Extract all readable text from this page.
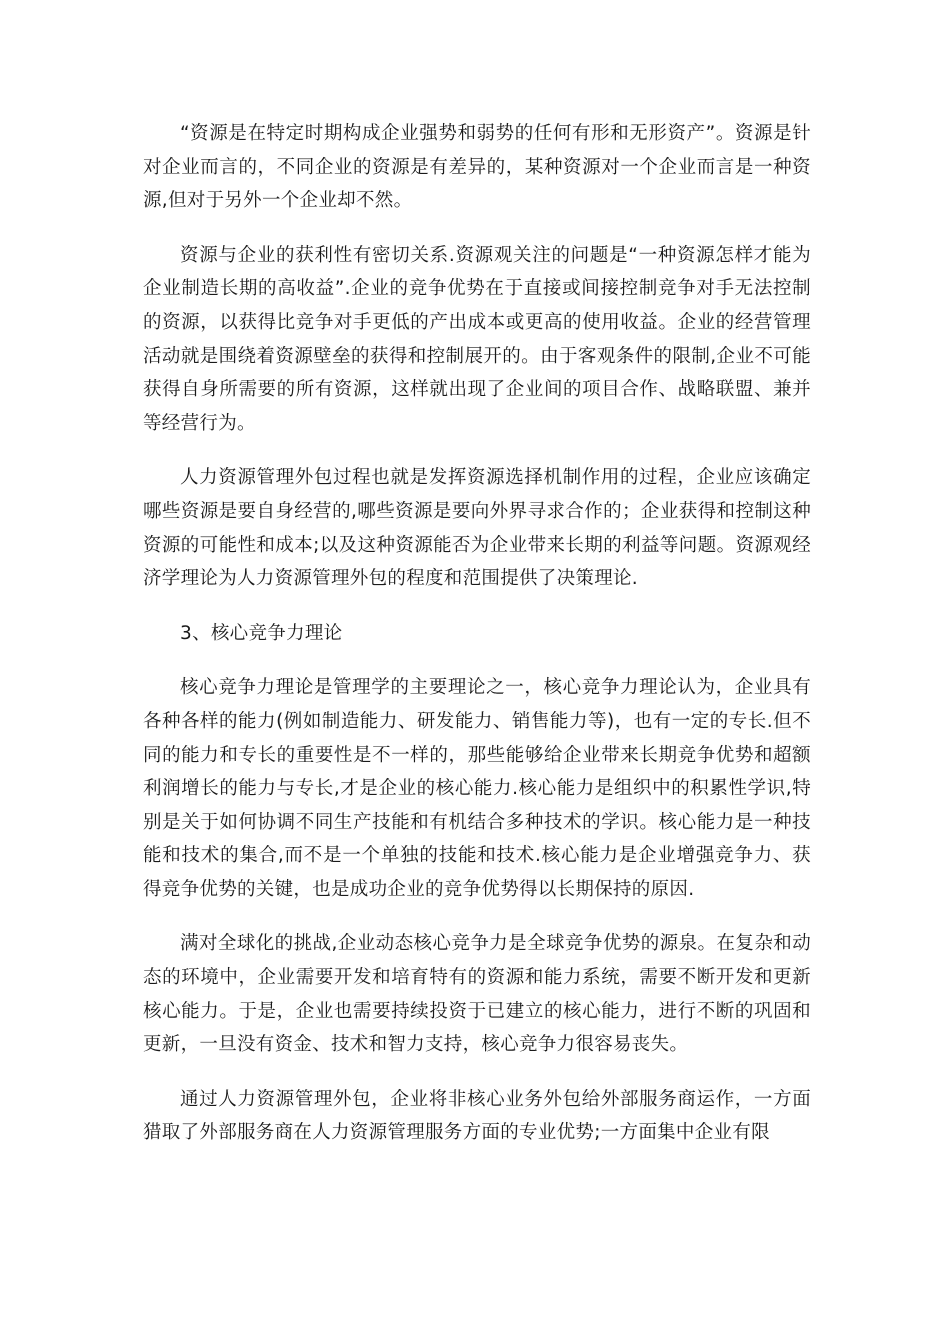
“资源是在特定时期构成企业强势和弱势的任何有形和无形资产”。资源是针对企业而言的，不同企业的资源是有差异的，某种资源对一个企业而言是一种资源,但对于另外一个企业却不然。

资源与企业的获利性有密切关系.资源观关注的问题是“一种资源怎样才能为企业制造长期的高收益”.企业的竞争优势在于直接或间接控制竞争对手无法控制的资源，以获得比竞争对手更低的产出成本或更高的使用收益。企业的经营管理活动就是围绕着资源壁垒的获得和控制展开的。由于客观条件的限制,企业不可能获得自身所需要的所有资源，这样就出现了企业间的项目合作、战略联盟、兼并等经营行为。

人力资源管理外包过程也就是发挥资源选择机制作用的过程，企业应该确定哪些资源是要自身经营的,哪些资源是要向外界寻求合作的；企业获得和控制这种资源的可能性和成本;以及这种资源能否为企业带来长期的利益等问题。资源观经济学理论为人力资源管理外包的程度和范围提供了决策理论.

3、核心竞争力理论

核心竞争力理论是管理学的主要理论之一，核心竞争力理论认为，企业具有各种各样的能力(例如制造能力、研发能力、销售能力等)，也有一定的专长.但不同的能力和专长的重要性是不一样的，那些能够给企业带来长期竞争优势和超额利润增长的能力与专长,才是企业的核心能力.核心能力是组织中的积累性学识,特别是关于如何协调不同生产技能和有机结合多种技术的学识。核心能力是一种技能和技术的集合,而不是一个单独的技能和技术.核心能力是企业增强竞争力、获得竞争优势的关键，也是成功企业的竞争优势得以长期保持的原因.

满对全球化的挑战,企业动态核心竞争力是全球竞争优势的源泉。在复杂和动态的环境中，企业需要开发和培育特有的资源和能力系统，需要不断开发和更新核心能力。于是，企业也需要持续投资于已建立的核心能力，进行不断的巩固和更新，一旦没有资金、技术和智力支持，核心竞争力很容易丧失。

通过人力资源管理外包，企业将非核心业务外包给外部服务商运作，一方面猎取了外部服务商在人力资源管理服务方面的专业优势;一方面集中企业有限
